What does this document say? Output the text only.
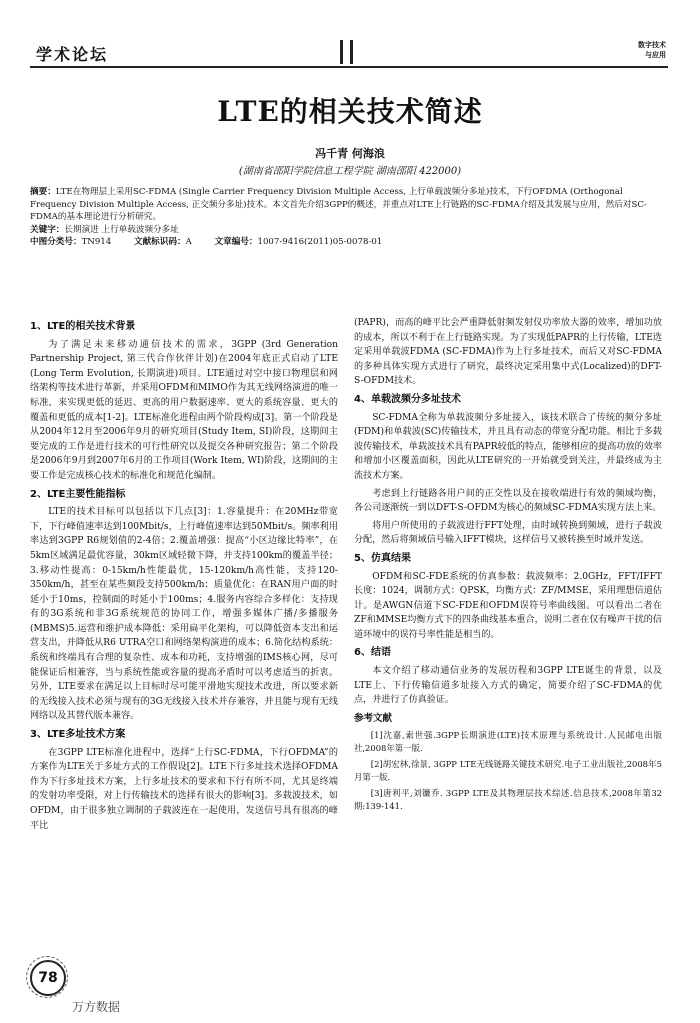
学术论坛	数字技术
与应用
LTE的相关技术简述
冯千青 何海浪
(湖南省邵阳学院信息工程学院 湖南邵阳 422000)

摘要：LTE在物理层上采用SC-FDMA (Single Carrier Frequency Division Multiple Access, 上行单载波频分多址)技术，下行OFDMA (Orthogonal Frequency Division Multiple Access, 正交频分多址)技术。本文首先介绍3GPP的概述，并重点对LTE上行链路的SC-FDMA介绍及其发展与应用，然后对SC-FDMA的基本理论进行分析研究。

关键字：长期演进 上行单载波频分多址

中图分类号：TN914	文献标识码：A	文章编号：1007-9416(2011)05-0078-01

1、LTE的相关技术背景

为了满足未来移动通信技术的需求，3GPP (3rd Generation Partnership Project, 第三代合作伙伴计划)在2004年底正式启动了LTE (Long Term Evolution, 长期演进)项目。LTE通过对空中接口物理层和网络架构等技术进行革新，并采用OFDM和MIMO作为其无线网络演进的唯一标准，来实现更低的延迟、更高的用户数据速率、更大的系统容量、更大的覆盖和更低的成本[1-2]。LTE标准化进程由两个阶段构成[3]。第一个阶段是从2004年12月至2006年9月的研究项目(Study Item, SI)阶段，这期间主要完成的工作是进行技术的可行性研究以及提交各种研究报告；第二个阶段是2006年9月到2007年6月的工作项目(Work Item, WI)阶段，这期间的主要工作是完成核心技术的标准化和规范化编制。

2、LTE主要性能指标

LTE的技术目标可以包括以下几点[3]：1.容量提升：在20MHz带宽下，下行峰值速率达到100Mbit/s，上行峰值速率达到50Mbit/s。频率利用率达到3GPP R6规划值的2-4倍；2.覆盖增强：提高“小区边缘比特率”，在5km区域满足最优容量，30km区域轻微下降，并支持100km的覆盖半径；3.移动性提高：0-15km/h性能最优，15-120km/h高性能，支持120-350km/h，甚至在某些频段支持500km/h；质量优化：在RAN用户面的时延小于10ms，控制面的时延小于100ms；4.服务内容综合多样化：支持现有的3G系统和非3G系统规范的协同工作，增强多媒体广播/多播服务(MBMS)5.运营和维护成本降低：采用扁平化架构，可以降低资本支出和运营支出，并降低从R6 UTRA空口和网络架构演进的成本；6.简化结构系统：系统和终端具有合理的复杂性、成本和功耗，支持增强的IMS核心网，尽可能保证后相兼容，当与系统性能或容量的提高矛盾时可以考虑适当的折衷。另外，LTE要求在满足以上目标时尽可能平滑地实现技术改进，所以要求新的无线接入技术必须与现有的3G无线接入技术并存兼容，并且能与现有无线网络以及其替代版本兼容。

3、LTE多址技术方案

在3GPP LTE标准化进程中，选择“上行SC-FDMA，下行OFDMA”的方案作为LTE关于多址方式的工作假设[2]。LTE下行多址技术选择OFDMA作为下行多址技术方案，上行多址技术的要求和下行有所不同，尤其是终端的发射功率受限，对上行传输技术的选择有很大的影响[3]。多载波技术，如OFDM，由于很多独立调制的子载波连在一起使用，发送信号具有很高的峰平比

(PAPR)，而高的峰平比会严重降低射频发射仪功率放大器的效率，增加功放的成本，所以不利于在上行链路实现。为了实现低PAPR的上行传输，LTE选定采用单载波FDMA (SC-FDMA)作为上行多址技术，而后又对SC-FDMA的多种具体实现方式进行了研究，最终决定采用集中式(Localized)的DFT-S-OFDM技术。

4、单载波频分多址技术

SC-FDMA全称为单载波频分多址接入，该技术联合了传统的频分多址(FDM)和单载波(SC)传输技术，并且具有动态的带宽分配功能。相比于多载波传输技术，单载波技术具有PAPR较低的特点，能够相应的提高功放的效率和增加小区覆盖面积，因此从LTE研究的一开始就受到关注，并最终成为主流技术方案。

考虑到上行链路各用户间的正交性以及在接收端进行有效的频域均衡，各公司逐渐统一到以DFT-S-OFDM为核心的频域SC-FDMA实现方法上来。

将用户所使用的子载波进行FFT处理，由时域转换到频域，进行子载波分配，然后将频域信号输入IFFT模块，这样信号又被转换至时域并发送。

5、仿真结果

OFDM和SC-FDE系统的仿真参数：载波频率：2.0GHz，FFT/IFFT长度：1024，调制方式：QPSK，均衡方式：ZF/MMSE，采用理想信道估计。是AWGN信道下SC-FDE和OFDM误符号率曲线图。可以看出二者在ZF和MMSE均衡方式下的四条曲线基本重合，说明二者在仅有噪声干扰的信道环境中的误符号率性能是相当的。

6、结语

本文介绍了移动通信业务的发展历程和3GPP LTE诞生的背景，以及LTE上、下行传输信道多址接入方式的确定，简要介绍了SC-FDMA的优点，并进行了仿真验证。

参考文献

[1]沈嘉,索世强.3GPP长期演进(LTE)技术原理与系统设计.人民邮电出版社,2008年第一版.

[2]胡宏林,徐景, 3GPP LTE无线链路关键技术研究.电子工业出版社,2008年5月第一版.

[3]唐利平,刘镰乔. 3GPP LTE及其物理层技术综述.信息技术,2008年第32期:139-141.

78
万方数据
